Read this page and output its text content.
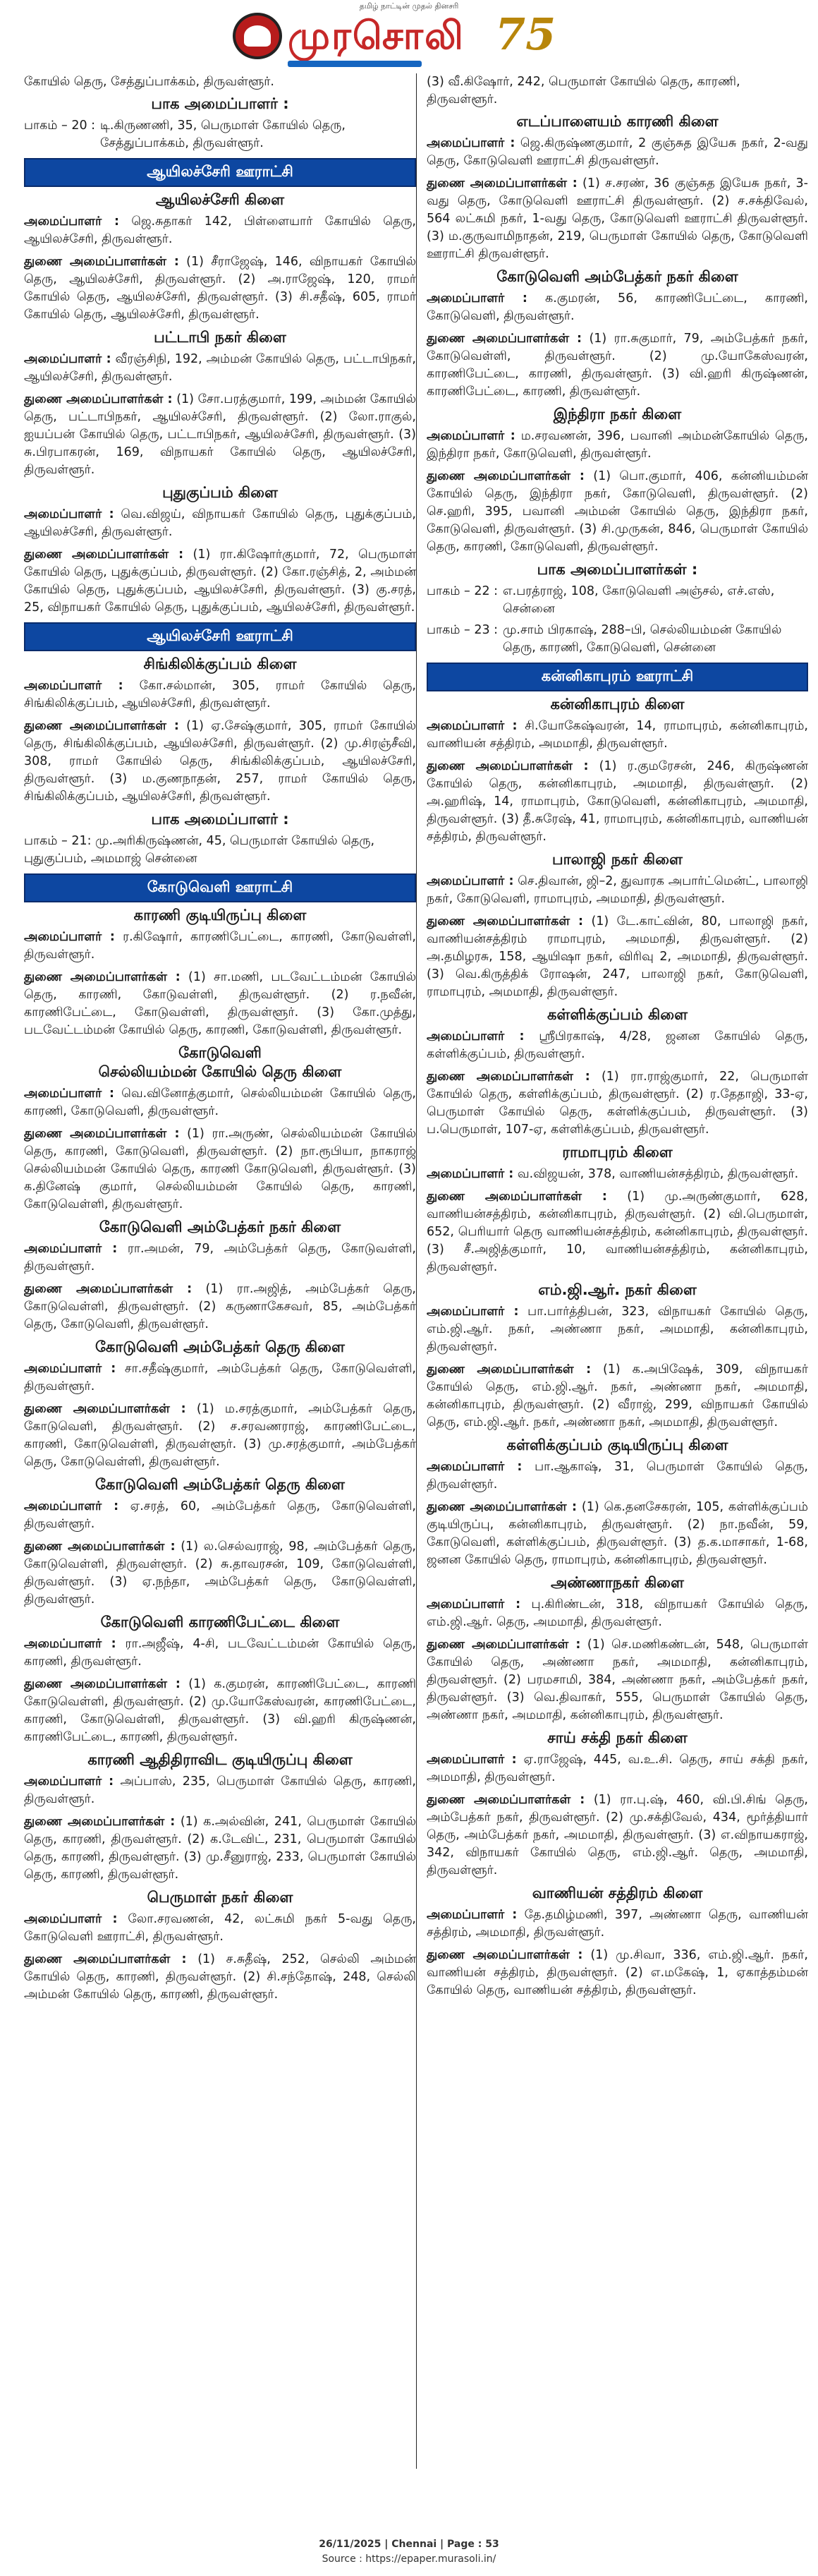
தமிழ் நாட்டின் முதல் தினசரி
முரசொலி 75
கோயில் தெரு, சேத்துப்பாக்கம், திருவள்ளூர்.
பாக அமைப்பாளர் :
பாகம் – 20 : டி.கிருணணி, 35, பெருமாள் கோயில் தெரு, சேத்துப்பாக்கம், திருவள்ளூர்.
ஆயிலச்சேரி ஊராட்சி
ஆயிலச்சேரி கிளை
அமைப்பாளர் : ஜெ.சுதாகர் 142, பிள்ளையார் கோயில் தெரு, ஆயிலச்சேரி, திருவள்ளூர்.
துணை அமைப்பாளர்கள் : (1) சீராஜேஷ், 146, விநாயகர் கோயில் தெரு, ஆயிலச்சேரி, திருவள்ளூர். (2) அ.ராஜேஷ், 120, ராமர் கோயில் தெரு, ஆயிலச்சேரி, திருவள்ளூர். (3) சி.சதீஷ், 605, ராமர் கோயில் தெரு, ஆயிலச்சேரி, திருவள்ளூர்.
பட்டாபி நகர் கிளை
அமைப்பாளர் : வீரஞ்சிநி, 192, அம்மன் கோயில் தெரு, பட்டாபிநகர், ஆயிலச்சேரி, திருவள்ளூர்.
துணை அமைப்பாளர்கள் : (1) சோ.பரத்குமார், 199, அம்மன் கோயில் தெரு, பட்டாபிநகர், ஆயிலச்சேரி, திருவள்ளூர். (2) லோ.ராகுல், ஐயப்பன் கோயில் தெரு, பட்டாபிநகர், ஆயிலச்சேரி, திருவள்ளூர். (3) சு.பிரபாகரன், 169, விநாயகர் கோயில் தெரு, ஆயிலச்சேரி, திருவள்ளூர்.
புதுகுப்பம் கிளை
அமைப்பாளர் : வெ.விஜய், விநாயகர் கோயில் தெரு, புதுக்குப்பம், ஆயிலச்சேரி, திருவள்ளூர்.
துணை அமைப்பாளர்கள் : (1) ரா.கிஷோர்குமார், 72, பெருமாள் கோயில் தெரு, புதுக்குப்பம், திருவள்ளூர். (2) கோ.ரஞ்சித், 2, அம்மன் கோயில் தெரு, புதுக்குப்பம், ஆயிலச்சேரி, திருவள்ளூர். (3) கு.சரத், 25, விநாயகர் கோயில் தெரு, புதுக்குப்பம், ஆயிலச்சேரி, திருவள்ளூர்.
ஆயிலச்சேரி ஊராட்சி
சிங்கிலிக்குப்பம் கிளை
அமைப்பாளர் : கோ.சல்மான், 305, ராமர் கோயில் தெரு, சிங்கிலிக்குப்பம், ஆயிலச்சேரி, திருவள்ளூர்.
துணை அமைப்பாளர்கள் : (1) ஏ.சேஷ்குமார், 305, ராமர் கோயில் தெரு, சிங்கிலிக்குப்பம், ஆயிலச்சேரி, திருவள்ளூர். (2) மு.சிரஞ்சீவி, 308, ராமர் கோயில் தெரு, சிங்கிலிக்குப்பம், ஆயிலச்சேரி, திருவள்ளூர். (3) ம.குணநாதன், 257, ராமர் கோயில் தெரு, சிங்கிலிக்குப்பம், ஆயிலச்சேரி, திருவள்ளூர்.
பாக அமைப்பாளர் :
பாகம் – 21: மு.அரிகிருஷ்ணன், 45, பெருமாள் கோயில் தெரு, புதுகுப்பம், அமமாஜ் சென்னை
கோடுவெளி ஊராட்சி
காரணி குடியிருப்பு கிளை
அமைப்பாளர் : ர.கிஷோர், காரணிபேட்டை, காரணி, கோடுவள்ளி, திருவள்ளூர்.
துணை அமைப்பாளர்கள் : (1) சா.மணி, படவேட்டம்மன் கோயில் தெரு, காரணி, கோடுவள்ளி, திருவள்ளூர். (2) ர.நவீன், காரணிபேட்டை, கோடுவள்ளி, திருவள்ளூர். (3) கோ.முத்து, படவேட்டம்மன் கோயில் தெரு, காரணி, கோடுவள்ளி, திருவள்ளூர்.
கோடுவெளி
செல்லியம்மன் கோயில் தெரு கிளை
அமைப்பாளர் : வெ.வினோத்குமார், செல்லியம்மன் கோயில் தெரு, காரணி, கோடுவெளி, திருவள்ளூர்.
துணை அமைப்பாளர்கள் : (1) ரா.அருண், செல்லியம்மன் கோயில் தெரு, காரணி, கோடுவெளி, திருவள்ளூர். (2) நா.ரூபியா, நாகராஜ் செல்லியம்மன் கோயில் தெரு, காரணி கோடுவெளி, திருவள்ளூர். (3) க.தினேஷ் குமார், செல்லியம்மன் கோயில் தெரு, காரணி, கோடுவெள்ளி, திருவள்ளூர்.
கோடுவெளி அம்பேத்கர் நகர் கிளை
அமைப்பாளர் : ரா.அமன், 79, அம்பேத்கர் தெரு, கோடுவள்ளி, திருவள்ளூர்.
துணை அமைப்பாளர்கள் : (1) ரா.அஜித், அம்பேத்கர் தெரு, கோடுவெள்ளி, திருவள்ளூர். (2) கருணாகேசவர், 85, அம்பேத்கர் தெரு, கோடுவெளி, திருவள்ளூர்.
கோடுவெளி அம்பேத்கர் தெரு கிளை
அமைப்பாளர் : சா.சதீஷ்குமார், அம்பேத்கர் தெரு, கோடுவெள்ளி, திருவள்ளூர்.
துணை அமைப்பாளர்கள் : (1) ம.சரத்குமார், அம்பேத்கர் தெரு, கோடுவெளி, திருவள்ளூர். (2) ச.சரவணராஜ், காரணிபேட்டை, காரணி, கோடுவெள்ளி, திருவள்ளூர். (3) மு.சரத்குமார், அம்பேத்கர் தெரு, கோடுவெள்ளி, திருவள்ளூர்.
கோடுவெளி அம்பேத்கர் தெரு கிளை
அமைப்பாளர் : ஏ.சரத், 60, அம்பேத்கர் தெரு, கோடுவெள்ளி, திருவள்ளூர்.
துணை அமைப்பாளர்கள் : (1) ல.செல்வராஜ், 98, அம்பேத்கர் தெரு, கோடுவெள்ளி, திருவள்ளூர். (2) சு.தாவரசன், 109, கோடுவெள்ளி, திருவள்ளூர். (3) ஏ.நந்தா, அம்பேத்கர் தெரு, கோடுவெள்ளி, திருவள்ளூர்.
கோடுவெளி காரணிபேட்டை கிளை
அமைப்பாளர் : ரா.அஜீஷ், 4-சி, படவேட்டம்மன் கோயில் தெரு, காரணி, திருவள்ளூர்.
துணை அமைப்பாளர்கள் : (1) க.குமரன், காரணிபேட்டை, காரணி கோடுவெள்ளி, திருவள்ளூர். (2) மு.யோகேஸ்வரன், காரணிபேட்டை, காரணி, கோடுவெள்ளி, திருவள்ளூர். (3) வி.ஹரி கிருஷ்ணன், காரணிபேட்டை, காரணி, திருவள்ளூர்.
காரணி ஆதிதிராவிட குடியிருப்பு கிளை
அமைப்பாளர் : அப்பாஸ், 235, பெருமாள் கோயில் தெரு, காரணி, திருவள்ளூர்.
துணை அமைப்பாளர்கள் : (1) க.அல்வின், 241, பெருமாள் கோயில் தெரு, காரணி, திருவள்ளூர். (2) க.டேவிட், 231, பெருமாள் கோயில் தெரு, காரணி, திருவள்ளூர். (3) மு.சீனுராஜ், 233, பெருமாள் கோயில் தெரு, காரணி, திருவள்ளூர்.
பெருமாள் நகர் கிளை
அமைப்பாளர் : லோ.சரவணன், 42, லட்சுமி நகர் 5-வது தெரு, கோடுவெளி ஊராட்சி, திருவள்ளூர்.
துணை அமைப்பாளர்கள் : (1) ச.சுதீஷ், 252, செல்லி அம்மன் கோயில் தெரு, காரணி, திருவள்ளூர். (2) சி.சந்தோஷ், 248, செல்லி அம்மன் கோயில் தெரு, காரணி, திருவள்ளூர்.
(3) வீ.கிஷோர், 242, பெருமாள் கோயில் தெரு, காரணி, திருவள்ளூர்.
எடப்பாளையம் காரணி கிளை
அமைப்பாளர் : ஜெ.கிருஷ்ணகுமார், 2 குஞ்சுத இயேசு நகர், 2-வது தெரு, கோடுவெளி ஊராட்சி திருவள்ளூர்.
துணை அமைப்பாளர்கள் : (1) ச.சரண், 36 குஞ்சுத இயேசு நகர், 3-வது தெரு, கோடுவெளி ஊராட்சி திருவள்ளூர். (2) ச.சக்திவேல், 564 லட்சுமி நகர், 1-வது தெரு, கோடுவெளி ஊராட்சி திருவள்ளூர். (3) ம.குருவாமிநாதன், 219, பெருமாள் கோயில் தெரு, கோடுவெளி ஊராட்சி திருவள்ளூர்.
கோடுவெளி அம்பேத்கர் நகர் கிளை
அமைப்பாளர் : க.குமரன், 56, காரணிபேட்டை, காரணி, கோடுவெளி, திருவள்ளூர்.
துணை அமைப்பாளர்கள் : (1) ரா.சுகுமார், 79, அம்பேத்கர் நகர், கோடுவெள்ளி, திருவள்ளூர். (2) மு.யோகேஸ்வரன், காரணிபேட்டை, காரணி, திருவள்ளூர். (3) வி.ஹரி கிருஷ்ணன், காரணிபேட்டை, காரணி, திருவள்ளூர்.
இந்திரா நகர் கிளை
அமைப்பாளர் : ம.சரவணன், 396, பவானி அம்மன்கோயில் தெரு, இந்திரா நகர், கோடுவெளி, திருவள்ளூர்.
துணை அமைப்பாளர்கள் : (1) பொ.குமார், 406, கன்னியம்மன் கோயில் தெரு, இந்திரா நகர், கோடுவெளி, திருவள்ளூர். (2) செ.ஹரி, 395, பவானி அம்மன் கோயில் தெரு, இந்திரா நகர், கோடுவெளி, திருவள்ளூர். (3) சி.முருகன், 846, பெருமாள் கோயில் தெரு, காரணி, கோடுவெளி, திருவள்ளூர்.
பாக அமைப்பாளர்கள் :
பாகம் – 22 : எ.பரத்ராஜ், 108, கோடுவெளி அஞ்சல், எச்.எஸ், சென்னை
பாகம் – 23 : மு.சாம் பிரகாஷ், 288–பி, செல்லியம்மன் கோயில் தெரு, காரணி, கோடுவெளி, சென்னை
கன்னிகாபுரம் ஊராட்சி
கன்னிகாபுரம் கிளை
அமைப்பாளர் : சி.யோகேஷ்வரன், 14, ராமாபுரம், கன்னிகாபுரம், வாணியன் சத்திரம், அமமாதி, திருவள்ளூர்.
துணை அமைப்பாளர்கள் : (1) ர.குமரேசன், 246, கிருஷ்ணன் கோயில் தெரு, கன்னிகாபுரம், அமமாதி, திருவள்ளூர். (2) அ.ஹரிஷ், 14, ராமாபுரம், கோடுவெளி, கன்னிகாபுரம், அமமாதி, திருவள்ளூர். (3) தீ.சுரேஷ், 41, ராமாபுரம், கன்னிகாபுரம், வாணியன் சத்திரம், திருவள்ளூர்.
பாலாஜி நகர் கிளை
அமைப்பாளர் : செ.திவான், ஜி–2, துவாரக அபார்ட்மென்ட், பாலாஜி நகர், கோடுவெளி, ராமாபுரம், அமமாதி, திருவள்ளூர்.
துணை அமைப்பாளர்கள் : (1) டே.காட்வின், 80, பாலாஜி நகர், வாணியன்சத்திரம் ராமாபுரம், அமமாதி, திருவள்ளூர். (2) அ.தமிழரசு, 158, ஆயிஷா நகர், விரிவு 2, அமமாதி, திருவள்ளூர். (3) வெ.கிருத்திக் ரோஷன், 247, பாலாஜி நகர், கோடுவெளி, ராமாபுரம், அமமாதி, திருவள்ளூர்.
கள்ளிக்குப்பம் கிளை
அமைப்பாளர் : ஸ்ரீபிரகாஷ், 4/28, ஜனன கோயில் தெரு, கள்ளிக்குப்பம், திருவள்ளூர்.
துணை அமைப்பாளர்கள் : (1) ரா.ராஜ்குமார், 22, பெருமாள் கோயில் தெரு, கள்ளிக்குப்பம், திருவள்ளூர். (2) ர.தேதாஜி, 33-ஏ, பெருமாள் கோயில் தெரு, கள்ளிக்குப்பம், திருவள்ளூர். (3) ப.பெருமாள், 107-ஏ, கள்ளிக்குப்பம், திருவள்ளூர்.
ராமாபுரம் கிளை
அமைப்பாளர் : வ.விஜயன், 378, வாணியன்சத்திரம், திருவள்ளூர்.
துணை அமைப்பாளர்கள் : (1) மு.அருண்குமார், 628, வாணியன்சத்திரம், கன்னிகாபுரம், திருவள்ளூர். (2) வி.பெருமாள், 652, பெரியார் தெரு வாணியன்சத்திரம், கன்னிகாபுரம், திருவள்ளூர். (3) சீ.அஜித்குமார், 10, வாணியன்சத்திரம், கன்னிகாபுரம், திருவள்ளூர்.
எம்.ஜி.ஆர். நகர் கிளை
அமைப்பாளர் : பா.பார்த்திபன், 323, விநாயகர் கோயில் தெரு, எம்.ஜி.ஆர். நகர், அண்ணா நகர், அமமாதி, கன்னிகாபுரம், திருவள்ளூர்.
துணை அமைப்பாளர்கள் : (1) க.அபிஷேக், 309, விநாயகர் கோயில் தெரு, எம்.ஜி.ஆர். நகர், அண்ணா நகர், அமமாதி, கன்னிகாபுரம், திருவள்ளூர். (2) வீராஜ், 299, விநாயகர் கோயில் தெரு, எம்.ஜி.ஆர். நகர், அண்ணா நகர், அமமாதி, திருவள்ளூர்.
கள்ளிக்குப்பம் குடியிருப்பு கிளை
அமைப்பாளர் : பா.ஆகாஷ், 31, பெருமாள் கோயில் தெரு, திருவள்ளூர்.
துணை அமைப்பாளர்கள் : (1) கெ.தனசேகரன், 105, கள்ளிக்குப்பம் குடியிருப்பு, கன்னிகாபுரம், திருவள்ளூர். (2) நா.நவீன், 59, கோடுவெளி, கள்ளிக்குப்பம், திருவள்ளூர். (3) த.க.மாசாகர், 1-68, ஜனன கோயில் தெரு, ராமாபுரம், கன்னிகாபுரம், திருவள்ளூர்.
அண்ணாநகர் கிளை
அமைப்பாளர் : பு.கிரிண்டன், 318, விநாயகர் கோயில் தெரு, எம்.ஜி.ஆர். தெரு, அமமாதி, திருவள்ளூர்.
துணை அமைப்பாளர்கள் : (1) செ.மணிகண்டன், 548, பெருமாள் கோயில் தெரு, அண்ணா நகர், அமமாதி, கன்னிகாபுரம், திருவள்ளூர். (2) பரமசாமி, 384, அண்ணா நகர், அம்பேத்கர் நகர், திருவள்ளூர். (3) வெ.திவாகர், 555, பெருமாள் கோயில் தெரு, அண்ணா நகர், அமமாதி, கன்னிகாபுரம், திருவள்ளூர்.
சாய் சக்தி நகர் கிளை
அமைப்பாளர் : ஏ.ராஜேஷ், 445, வ.உ.சி. தெரு, சாய் சக்தி நகர், அமமாதி, திருவள்ளூர்.
துணை அமைப்பாளர்கள் : (1) ரா.பு.ஷ், 460, வி.பி.சிங் தெரு, அம்பேத்கர் நகர், திருவள்ளூர். (2) மு.சக்திவேல், 434, மூர்த்தியார் தெரு, அம்பேத்கர் நகர், அமமாதி, திருவள்ளூர். (3) எ.விநாயகராஜ், 342, விநாயகர் கோயில் தெரு, எம்.ஜி.ஆர். தெரு, அமமாதி, திருவள்ளூர்.
வாணியன் சத்திரம் கிளை
அமைப்பாளர் : தே.தமிழ்மணி, 397, அண்ணா தெரு, வாணியன் சத்திரம், அமமாதி, திருவள்ளூர்.
துணை அமைப்பாளர்கள் : (1) மு.சிவா, 336, எம்.ஜி.ஆர். நகர், வாணியன் சத்திரம், திருவள்ளூர். (2) எ.மகேஷ், 1, ஏகாத்தம்மன் கோயில் தெரு, வாணியன் சத்திரம், திருவள்ளூர்.
26/11/2025 | Chennai | Page : 53
Source : https://epaper.murasoli.in/
